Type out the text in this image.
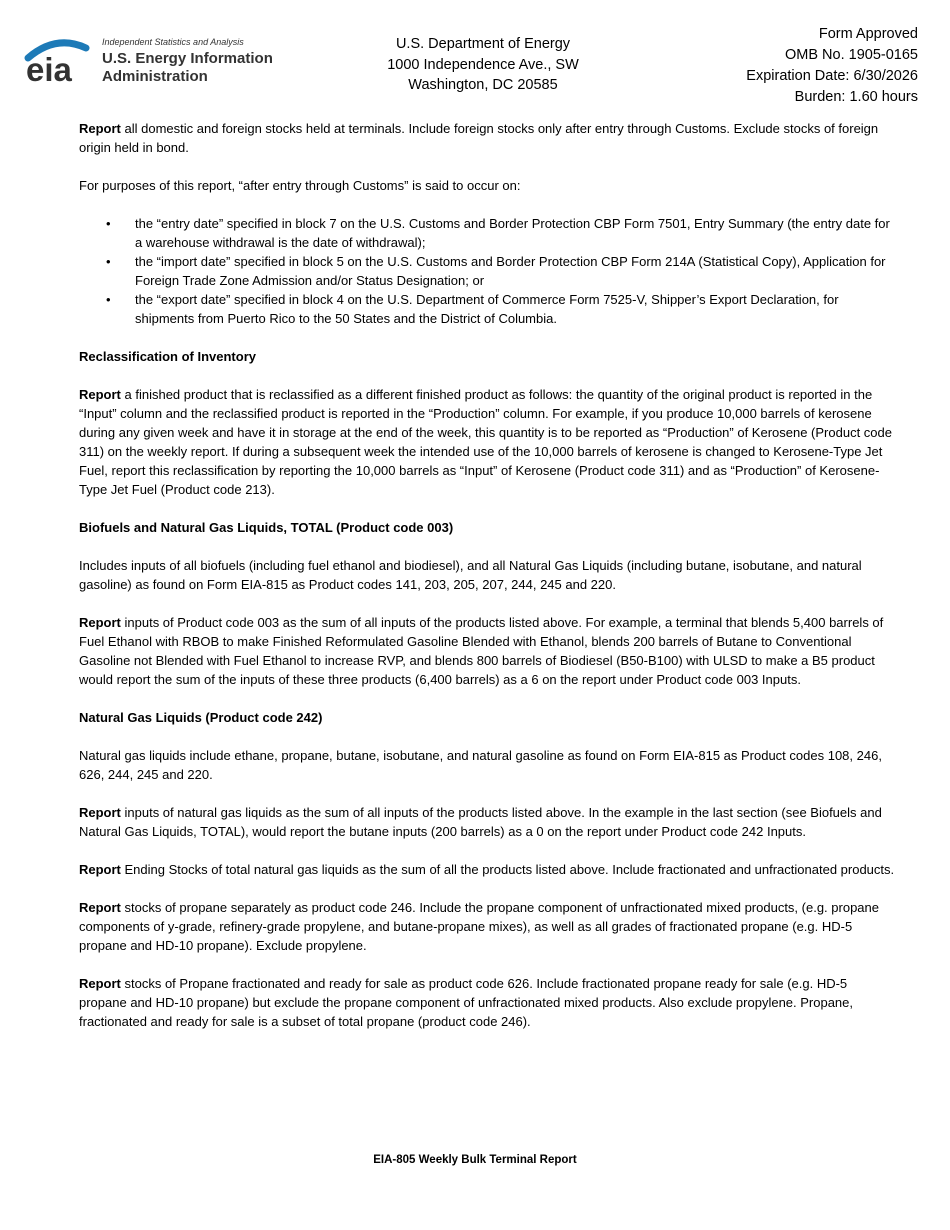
eia
Independent Statistics and Analysis
U.S. Energy Information
Administration
U.S. Department of Energy
1000 Independence Ave., SW
Washington, DC 20585
Form Approved
OMB No. 1905-0165
Expiration Date: 6/30/2026
Burden: 1.60 hours

Report all domestic and foreign stocks held at terminals. Include foreign stocks only after entry through Customs. Exclude stocks of foreign origin held in bond.

For purposes of this report, “after entry through Customs” is said to occur on:

• the “entry date” specified in block 7 on the U.S. Customs and Border Protection CBP Form 7501, Entry Summary (the entry date for a warehouse withdrawal is the date of withdrawal);
• the “import date” specified in block 5 on the U.S. Customs and Border Protection CBP Form 214A (Statistical Copy), Application for Foreign Trade Zone Admission and/or Status Designation; or
• the “export date” specified in block 4 on the U.S. Department of Commerce Form 7525-V, Shipper’s Export Declaration, for shipments from Puerto Rico to the 50 States and the District of Columbia.
Reclassification of Inventory

Report a finished product that is reclassified as a different finished product as follows: the quantity of the original product is reported in the “Input” column and the reclassified product is reported in the “Production” column. For example, if you produce 10,000 barrels of kerosene during any given week and have it in storage at the end of the week, this quantity is to be reported as “Production” of Kerosene (Product code 311) on the weekly report. If during a subsequent week the intended use of the 10,000 barrels of kerosene is changed to Kerosene-Type Jet Fuel, report this reclassification by reporting the 10,000 barrels as “Input” of Kerosene (Product code 311) and as “Production” of Kerosene-Type Jet Fuel (Product code 213).

Biofuels and Natural Gas Liquids, TOTAL (Product code 003)

Includes inputs of all biofuels (including fuel ethanol and biodiesel), and all Natural Gas Liquids (including butane, isobutane, and natural gasoline) as found on Form EIA-815 as Product codes 141, 203, 205, 207, 244, 245 and 220.

Report inputs of Product code 003 as the sum of all inputs of the products listed above. For example, a terminal that blends 5,400 barrels of Fuel Ethanol with RBOB to make Finished Reformulated Gasoline Blended with Ethanol, blends 200 barrels of Butane to Conventional Gasoline not Blended with Fuel Ethanol to increase RVP, and blends 800 barrels of Biodiesel (B50-B100) with ULSD to make a B5 product would report the sum of the inputs of these three products (6,400 barrels) as a 6 on the report under Product code 003 Inputs.

Natural Gas Liquids (Product code 242)

Natural gas liquids include ethane, propane, butane, isobutane, and natural gasoline as found on Form EIA-815 as Product codes 108, 246, 626, 244, 245 and 220.

Report inputs of natural gas liquids as the sum of all inputs of the products listed above. In the example in the last section (see Biofuels and Natural Gas Liquids, TOTAL), would report the butane inputs (200 barrels) as a 0 on the report under Product code 242 Inputs.

Report Ending Stocks of total natural gas liquids as the sum of all the products listed above. Include fractionated and unfractionated products.

Report stocks of propane separately as product code 246. Include the propane component of unfractionated mixed products, (e.g. propane components of y-grade, refinery-grade propylene, and butane-propane mixes), as well as all grades of fractionated propane (e.g. HD-5 propane and HD-10 propane). Exclude propylene.

Report stocks of Propane fractionated and ready for sale as product code 626. Include fractionated propane ready for sale (e.g. HD-5 propane and HD-10 propane) but exclude the propane component of unfractionated mixed products. Also exclude propylene. Propane, fractionated and ready for sale is a subset of total propane (product code 246).

EIA-805 Weekly Bulk Terminal Report
